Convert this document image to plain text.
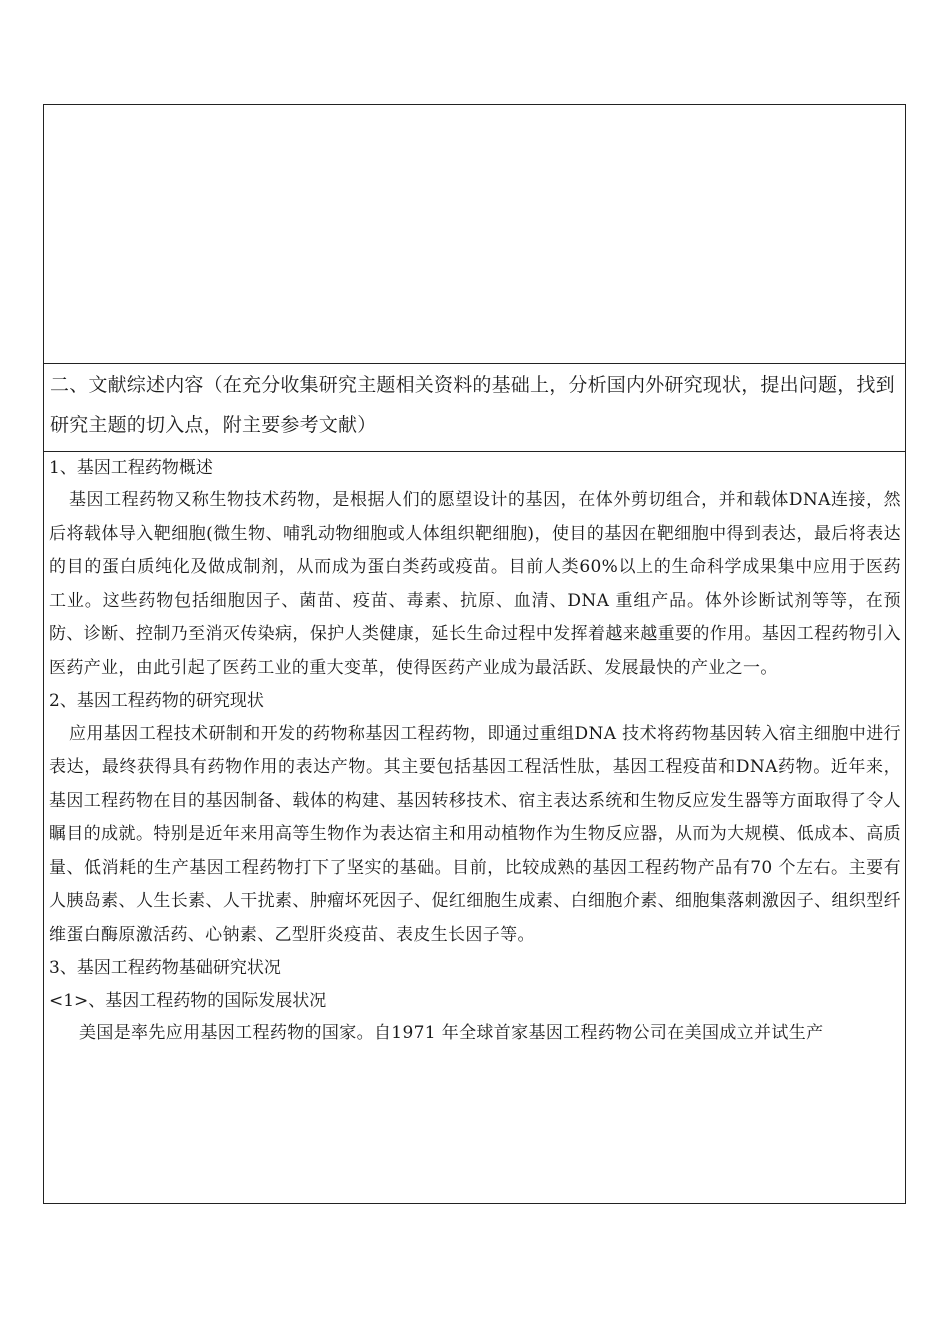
二、文献综述内容（在充分收集研究主题相关资料的基础上，分析国内外研究现状，提出问题，找到研究主题的切入点，附主要参考文献）

1、基因工程药物概述

基因工程药物又称生物技术药物，是根据人们的愿望设计的基因，在体外剪切组合，并和载体DNA连接，然后将载体导入靶细胞(微生物、哺乳动物细胞或人体组织靶细胞)，使目的基因在靶细胞中得到表达，最后将表达的目的蛋白质纯化及做成制剂，从而成为蛋白类药或疫苗。目前人类60%以上的生命科学成果集中应用于医药工业。这些药物包括细胞因子、菌苗、疫苗、毒素、抗原、血清、DNA 重组产品。体外诊断试剂等等，在预防、诊断、控制乃至消灭传染病，保护人类健康，延长生命过程中发挥着越来越重要的作用。基因工程药物引入医药产业，由此引起了医药工业的重大变革，使得医药产业成为最活跃、发展最快的产业之一。

2、基因工程药物的研究现状

应用基因工程技术研制和开发的药物称基因工程药物，即通过重组DNA 技术将药物基因转入宿主细胞中进行表达，最终获得具有药物作用的表达产物。其主要包括基因工程活性肽，基因工程疫苗和DNA药物。近年来，基因工程药物在目的基因制备、载体的构建、基因转移技术、宿主表达系统和生物反应发生器等方面取得了令人瞩目的成就。特别是近年来用高等生物作为表达宿主和用动植物作为生物反应器，从而为大规模、低成本、高质量、低消耗的生产基因工程药物打下了坚实的基础。目前，比较成熟的基因工程药物产品有70 个左右。主要有人胰岛素、人生长素、人干扰素、肿瘤坏死因子、促红细胞生成素、白细胞介素、细胞集落刺激因子、组织型纤维蛋白酶原激活药、心钠素、乙型肝炎疫苗、表皮生长因子等。

3、基因工程药物基础研究状况
<1>、基因工程药物的国际发展状况

美国是率先应用基因工程药物的国家。自1971 年全球首家基因工程药物公司在美国成立并试生产
